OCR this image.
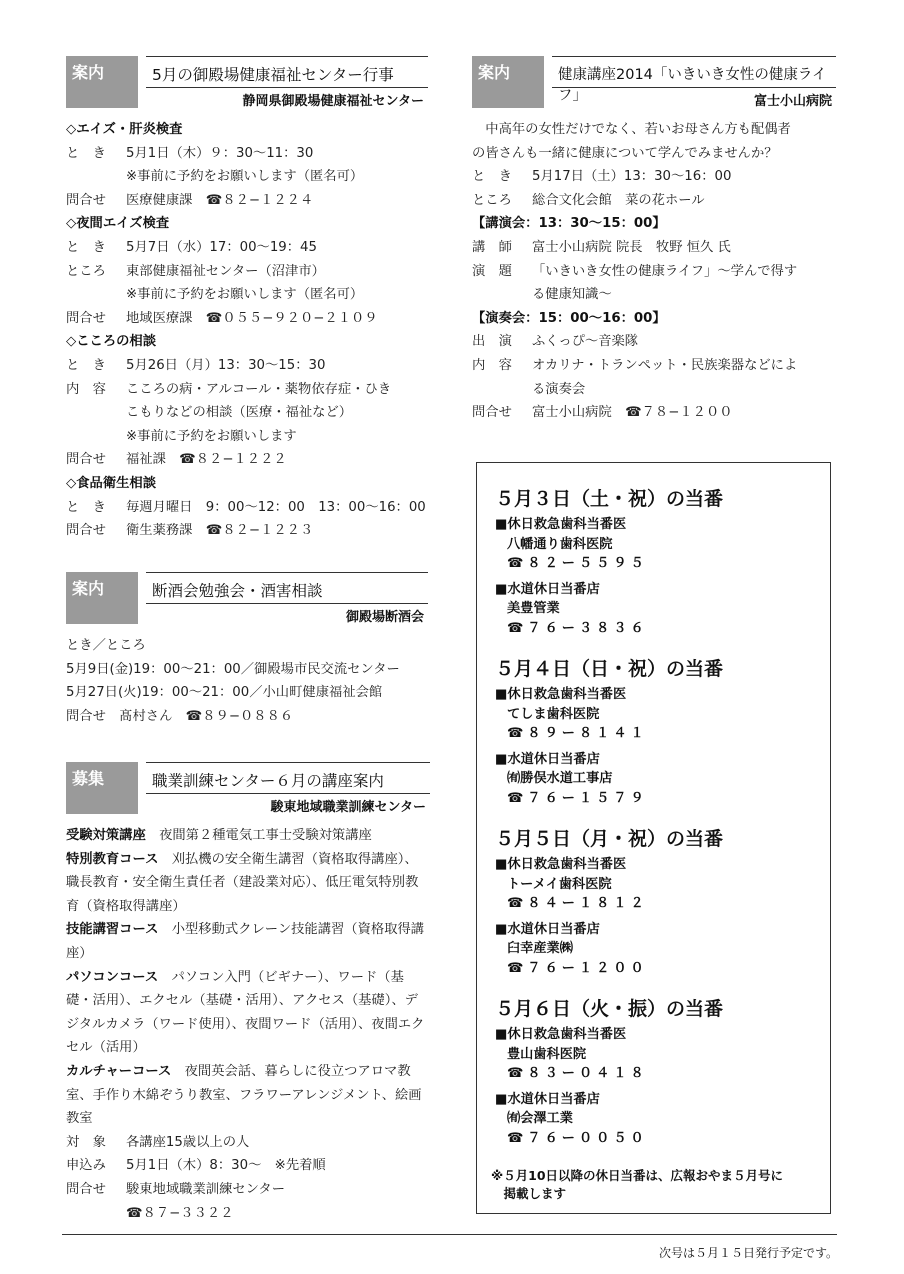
案内	5月の御殿場健康福祉センター行事
静岡県御殿場健康福祉センター
◇エイズ・肝炎検査
と　き 5月1日（木）９：30〜11：30
※事前に予約をお願いします（匿名可）
問合せ 医療健康課　☎８２−１２２４
◇夜間エイズ検査
と　き 5月7日（水）17：00〜19：45
ところ 東部健康福祉センター（沼津市）
※事前に予約をお願いします（匿名可）
問合せ 地域医療課　☎０５５−９２０−２１０９
◇こころの相談
と　き 5月26日（月）13：30〜15：30
内　容 こころの病・アルコール・薬物依存症・ひき
こもりなどの相談（医療・福祉など）
※事前に予約をお願いします
問合せ 福祉課　☎８２−１２２２
◇食品衛生相談
と　き 毎週月曜日　9：00〜12：00　13：00〜16：00
問合せ 衛生薬務課　☎８２−１２２３
案内	断酒会勉強会・酒害相談
御殿場断酒会
とき／ところ
5月9日(金)19：00〜21：00／御殿場市民交流センター
5月27日(火)19：00〜21：00／小山町健康福祉会館
問合せ　髙村さん　☎８９−０８８６
募集	職業訓練センター６月の講座案内
駿東地域職業訓練センター
受験対策講座　夜間第２種電気工事士受験対策講座
特別教育コース　刈払機の安全衛生講習（資格取得講座）、職長教育・安全衛生責任者（建設業対応）、低圧電気特別教育（資格取得講座）
技能講習コース　小型移動式クレーン技能講習（資格取得講座）
パソコンコース　パソコン入門（ビギナー）、ワード（基礎・活用）、エクセル（基礎・活用）、アクセス（基礎）、デジタルカメラ（ワード使用）、夜間ワード（活用）、夜間エクセル（活用）
カルチャーコース　夜間英会話、暮らしに役立つアロマ教室、手作り木綿ぞうり教室、フラワーアレンジメント、絵画教室
対　象 各講座15歳以上の人
申込み 5月1日（木）8：30〜　※先着順
問合せ 駿東地域職業訓練センター
☎８７−３３２２
案内	健康講座2014「いきいき女性の健康ライフ」	富士小山病院
　中高年の女性だけでなく、若いお母さん方も配偶者
の皆さんも一緒に健康について学んでみませんか？
と　き 5月17日（土）13：30〜16：00
ところ 総合文化会館　菜の花ホール
【講演会：13：30〜15：00】
講　師 富士小山病院 院長　牧野 恒久 氏
演　題 「いきいき女性の健康ライフ」〜学んで得す
る健康知識〜
【演奏会：15：00〜16：00】
出　演 ふくっぴ〜音楽隊
内　容 オカリナ・トランペット・民族楽器などによ
る演奏会
問合せ 富士小山病院　☎７８−１２００
５月３日（土・祝）の当番
■休日救急歯科当番医
八幡通り歯科医院
☎８２ー５５９５
■水道休日当番店
美豊管業
☎７６ー３８３６
５月４日（日・祝）の当番
■休日救急歯科当番医
てしま歯科医院
☎８９ー８１４１
■水道休日当番店
㈲勝俣水道工事店
☎７６ー１５７９
５月５日（月・祝）の当番
■休日救急歯科当番医
トーメイ歯科医院
☎８４ー１８１２
■水道休日当番店
臼幸産業㈱
☎７６ー１２００
５月６日（火・振）の当番
■休日救急歯科当番医
豊山歯科医院
☎８３ー０４１８
■水道休日当番店
㈲会澤工業
☎７６ー００５０
※５月10日以降の休日当番は、広報おやま５月号に
　掲載します
次号は５月１５日発行予定です。
